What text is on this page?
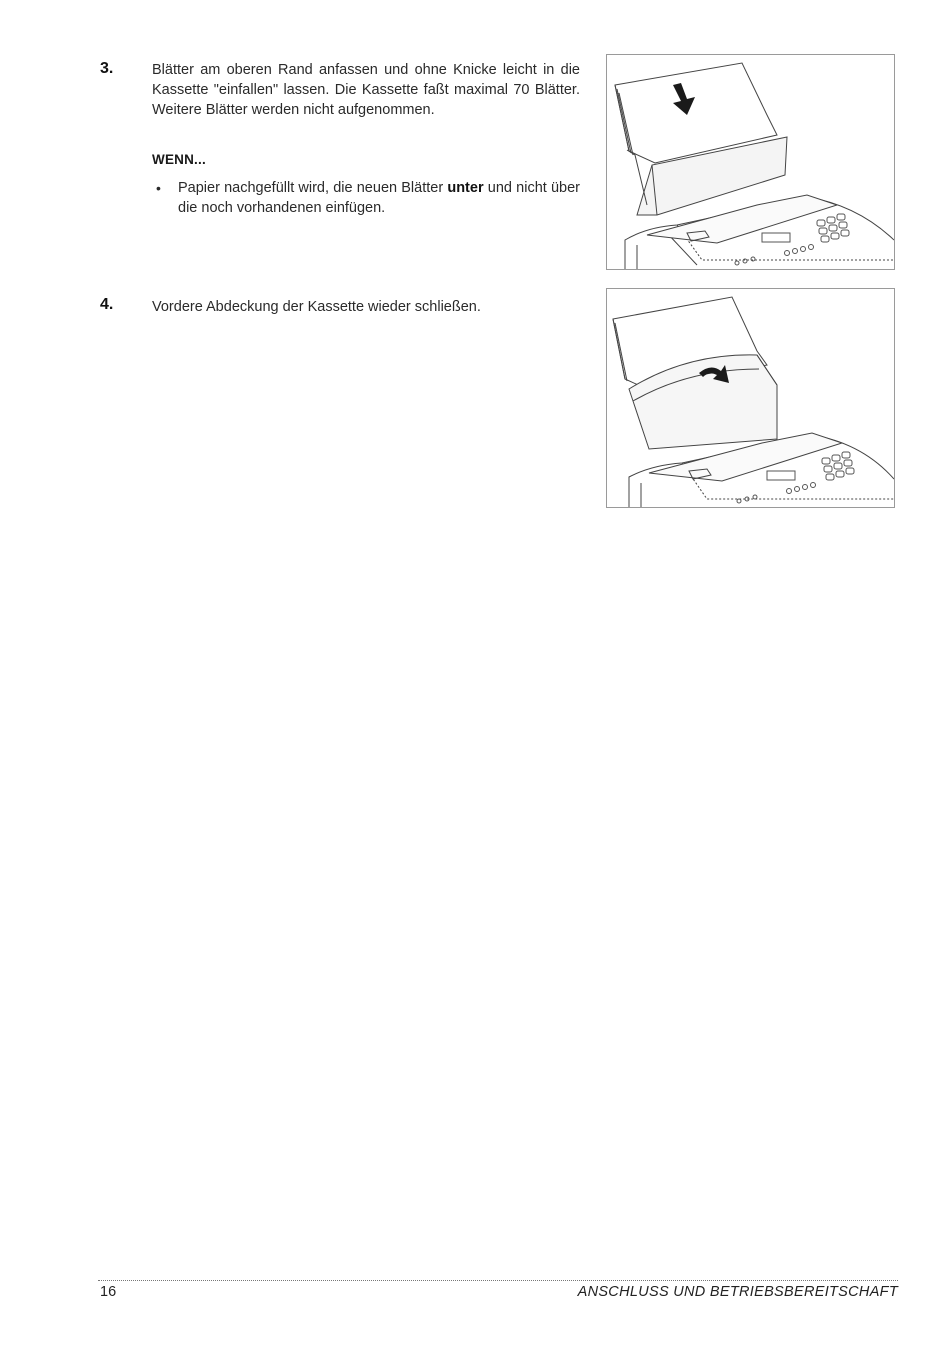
3.	Blätter am oberen Rand anfassen und ohne Knicke leicht in die Kassette "einfallen" lassen. Die Kassette faßt maximal 70 Blätter. Weitere Blätter werden nicht aufgenommen.
WENN...
• Papier nachgefüllt wird, die neuen Blätter unter und nicht über die noch vorhandenen einfügen.
4.	Vordere Abdeckung der Kassette wieder schließen.
16	ANSCHLUSS UND BETRIEBSBEREITSCHAFT
